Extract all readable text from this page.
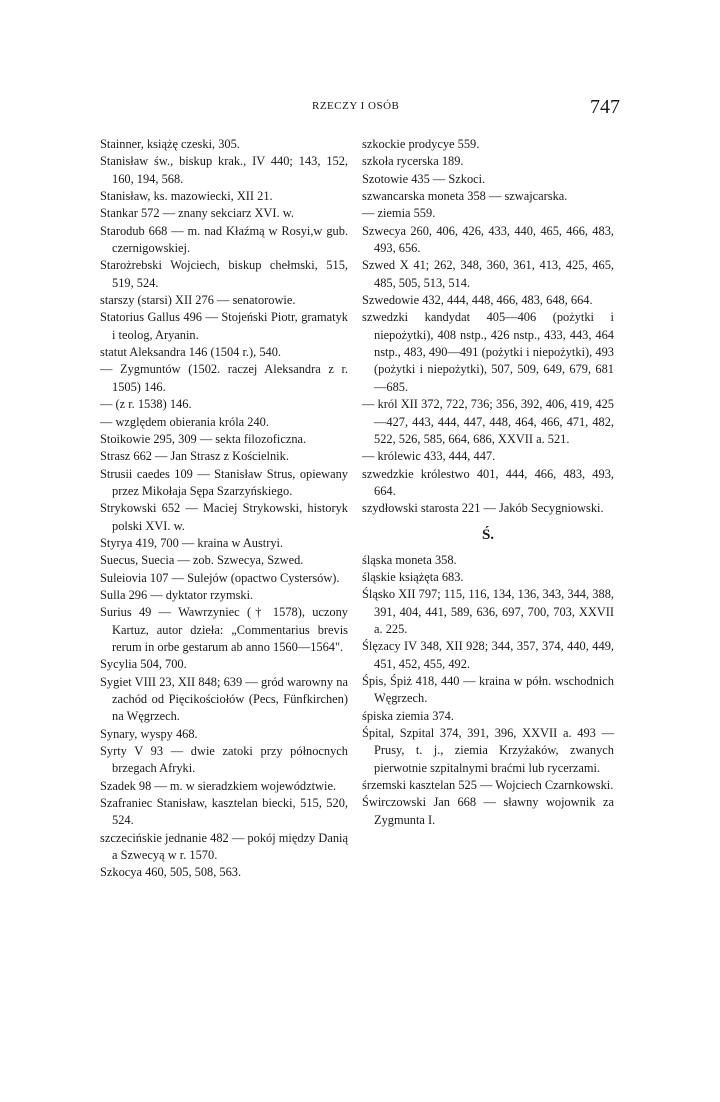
RZECZY I OSÓB	747
Stainner, książę czeski, 305.
Stanisław św., biskup krak., IV 440; 143, 152, 160, 194, 568.
Stanisław, ks. mazowiecki, XII 21.
Stankar 572 — znany sekciarz XVI. w.
Starodub 668 — m. nad Kłaźmą w Rosyi,w gub. czernigowskiej.
Starożrebski Wojciech, biskup chełmski, 515, 519, 524.
starszy (starsi) XII 276 — senatorowie.
Statorius Gallus 496 — Stojeński Piotr, gramatyk i teolog, Aryanin.
statut Aleksandra 146 (1504 r.), 540.
— Zygmuntów (1502. raczej Aleksandra z r. 1505) 146.
— (z r. 1538) 146.
— względem obierania króla 240.
Stoikowie 295, 309 — sekta filozoficzna.
Strasz 662 — Jan Strasz z Kościelnik.
Strusii caedes 109 — Stanisław Strus, opiewany przez Mikołaja Sępa Szarzyńskiego.
Strykowski 652 — Maciej Strykowski, historyk polski XVI. w.
Styrya 419, 700 — kraina w Austryi.
Suecus, Suecia — zob. Szwecya, Szwed.
Suleiovia 107 — Sulejów (opactwo Cystersów).
Sulla 296 — dyktator rzymski.
Surius 49 — Wawrzyniec († 1578), uczony Kartuz, autor dzieła: „Commentarius brevis rerum in orbe gestarum ab anno 1560—1564".
Sycylia 504, 700.
Sygiet VIII 23, XII 848; 639 — gród warowny na zachód od Pięcikościołów (Pecs, Fünfkirchen) na Węgrzech.
Synary, wyspy 468.
Syrty V 93 — dwie zatoki przy północnych brzegach Afryki.
Szadek 98 — m. w sieradzkiem województwie.
Szafraniec Stanisław, kasztelan biecki, 515, 520, 524.
szczecińskie jednanie 482 — pokój między Danią a Szwecyą w r. 1570.
Szkocya 460, 505, 508, 563.
szkockie prodycye 559.
szkoła rycerska 189.
Szotowie 435 — Szkoci.
szwancarska moneta 358 — szwajcarska.
— ziemia 559.
Szwecya 260, 406, 426, 433, 440, 465, 466, 483, 493, 656.
Szwed X 41; 262, 348, 360, 361, 413, 425, 465, 485, 505, 513, 514.
Szwedowie 432, 444, 448, 466, 483, 648, 664.
szwedzki kandydat 405—406 (pożytki i niepożytki), 408 nstp., 426 nstp., 433, 443, 464 nstp., 483, 490—491 (pożytki i niepożytki), 493 (pożytki i niepożytki), 507, 509, 649, 679, 681—685.
— król XII 372, 722, 736; 356, 392, 406, 419, 425—427, 443, 444, 447, 448, 464, 466, 471, 482, 522, 526, 585, 664, 686, XXVII a. 521.
— królewic 433, 444, 447.
szwedzkie królestwo 401, 444, 466, 483, 493, 664.
szydłowski starosta 221 — Jakób Secygniowski.
Ś.
śląska moneta 358.
śląskie książęta 683.
Śląsko XII 797; 115, 116, 134, 136, 343, 344, 388, 391, 404, 441, 589, 636, 697, 700, 703, XXVII a. 225.
Ślęzacy IV 348, XII 928; 344, 357, 374, 440, 449, 451, 452, 455, 492.
Śpis, Śpiż 418, 440 — kraina w półn. wschodnich Węgrzech.
śpiska ziemia 374.
Śpital, Szpital 374, 391, 396, XXVII a. 493 — Prusy, t. j., ziemia Krzyżaków, zwanych pierwotnie szpitalnymi braćmi lub rycerzami.
śrzemski kasztelan 525 — Wojciech Czarnkowski.
Świrczowski Jan 668 — sławny wojownik za Zygmunta I.
